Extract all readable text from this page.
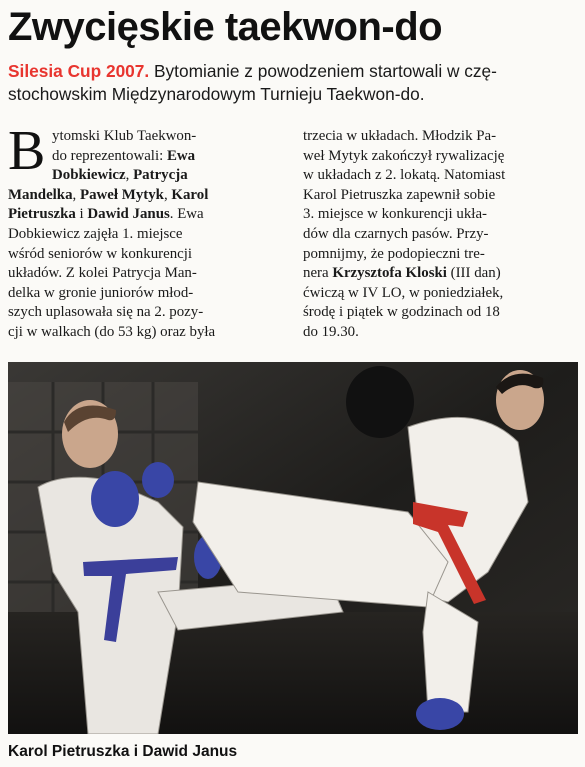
Zwycięskie taekwon-do
Silesia Cup 2007. Bytomianie z powodzeniem startowali w czę-
stochowskim Międzynarodowym Turnieju Taekwon-do.
B ytomski Klub Taekwon-
do reprezentowali: Ewa
Dobkiewicz, Patrycja
Mandelka, Paweł Mytyk, Karol
Pietruszka i Dawid Janus. Ewa
Dobkiewicz zajęła 1. miejsce
wśród seniorów w konkurencji
układów. Z kolei Patrycja Man-
delka w gronie juniorów młod-
szych uplasowała się na 2. pozy-
cji w walkach (do 53 kg) oraz była
trzecia w układach. Młodzik Pa-
weł Mytyk zakończył rywalizację
w układach z 2. lokatą. Natomiast
Karol Pietruszka zapewnił sobie
3. miejsce w konkurencji ukła-
dów dla czarnych pasów. Przy-
pomnijmy, że podopieczni tre-
nera Krzysztofa Kloski (III dan)
ćwiczą w IV LO, w poniedziałek,
środę i piątek w godzinach od 18
do 19.30.
Karol Pietruszka i Dawid Janus
